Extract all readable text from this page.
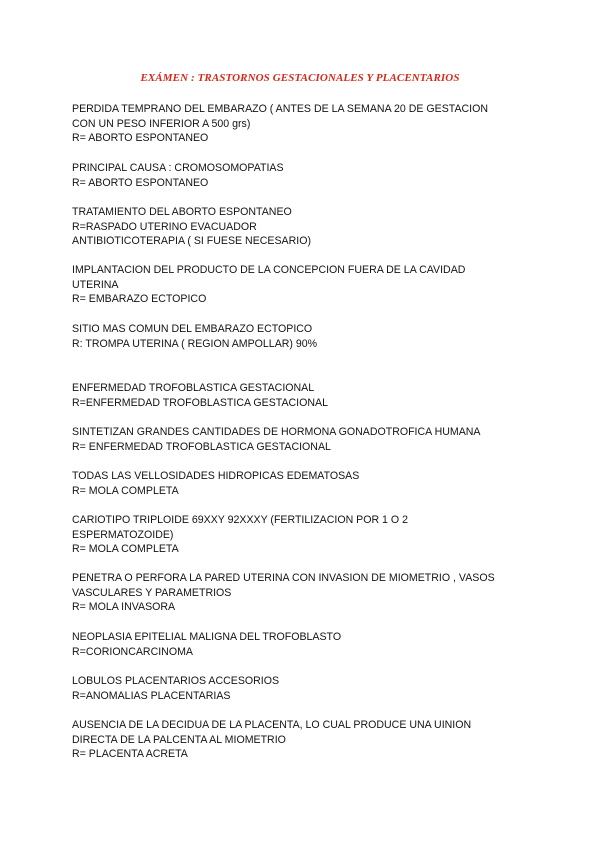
EXÁMEN : TRASTORNOS GESTACIONALES Y PLACENTARIOS
PERDIDA TEMPRANO DEL EMBARAZO ( ANTES DE LA SEMANA 20 DE GESTACION
CON UN PESO INFERIOR A 500 grs)
R= ABORTO ESPONTANEO
PRINCIPAL CAUSA : CROMOSOMOPATIAS
R= ABORTO ESPONTANEO
TRATAMIENTO DEL ABORTO ESPONTANEO
R=RASPADO UTERINO EVACUADOR
ANTIBIOTICOTERAPIA ( SI FUESE NECESARIO)
IMPLANTACION DEL PRODUCTO DE LA CONCEPCION FUERA DE LA CAVIDAD
UTERINA
R= EMBARAZO ECTOPICO
SITIO MAS COMUN DEL EMBARAZO ECTOPICO
R: TROMPA UTERINA ( REGION AMPOLLAR) 90%
ENFERMEDAD TROFOBLASTICA GESTACIONAL
R=ENFERMEDAD TROFOBLASTICA GESTACIONAL
SINTETIZAN GRANDES CANTIDADES DE HORMONA GONADOTROFICA HUMANA
R= ENFERMEDAD TROFOBLASTICA GESTACIONAL
TODAS LAS VELLOSIDADES HIDROPICAS EDEMATOSAS
R= MOLA COMPLETA
CARIOTIPO TRIPLOIDE 69XXY 92XXXY (FERTILIZACION POR 1 O 2
ESPERMATOZOIDE)
R= MOLA COMPLETA
PENETRA O PERFORA LA PARED UTERINA CON INVASION DE MIOMETRIO , VASOS
VASCULARES Y PARAMETRIOS
R= MOLA INVASORA
NEOPLASIA EPITELIAL MALIGNA DEL TROFOBLASTO
R=CORIONCARCINOMA
LOBULOS PLACENTARIOS ACCESORIOS
R=ANOMALIAS PLACENTARIAS
AUSENCIA DE LA DECIDUA DE LA PLACENTA, LO CUAL PRODUCE UNA UINION
DIRECTA DE LA PALCENTA AL MIOMETRIO
R= PLACENTA ACRETA
